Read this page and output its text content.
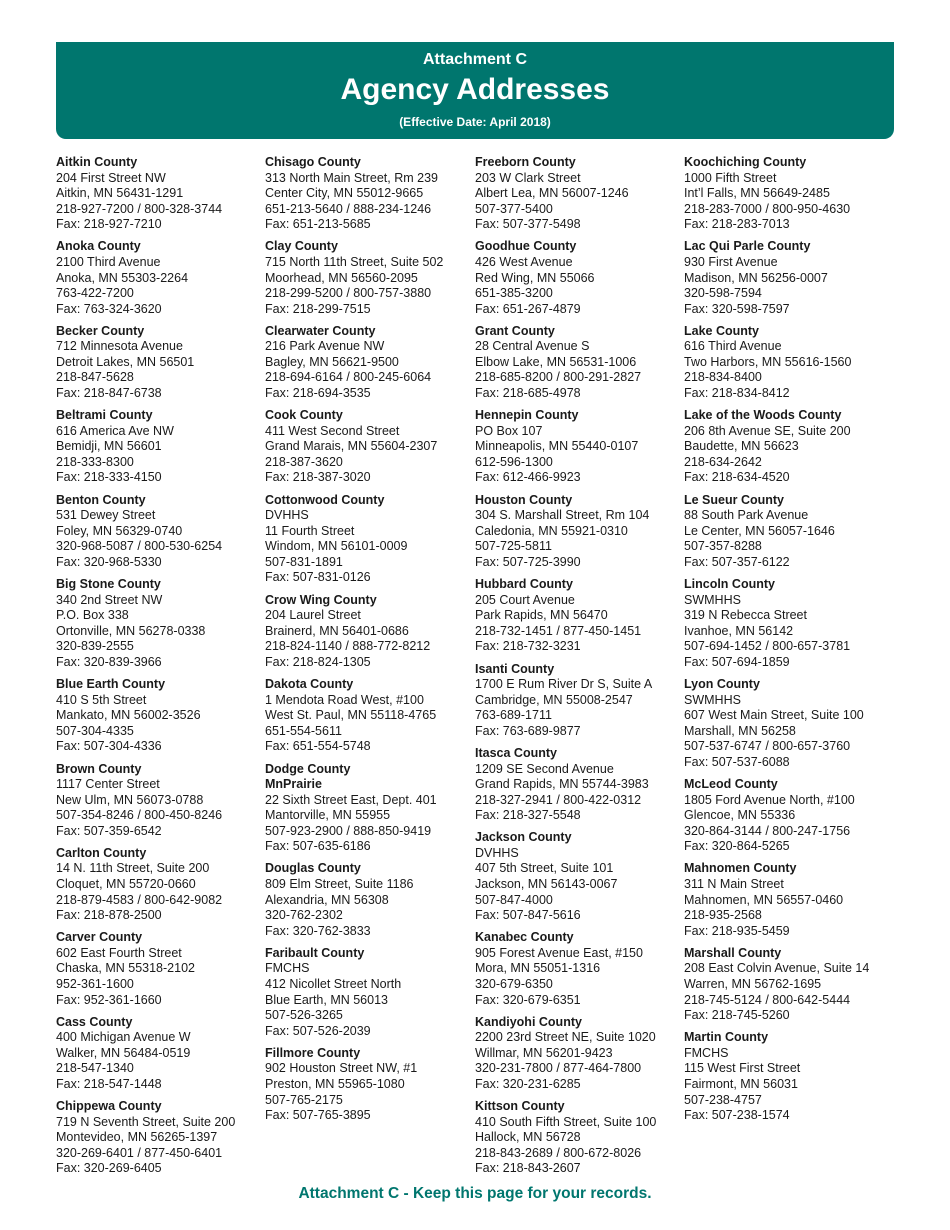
Attachment C
Agency Addresses
(Effective Date: April 2018)
Aitkin County
204 First Street NW
Aitkin, MN 56431-1291
218-927-7200 / 800-328-3744
Fax: 218-927-7210
Anoka County
2100 Third Avenue
Anoka, MN 55303-2264
763-422-7200
Fax: 763-324-3620
Becker County
712 Minnesota Avenue
Detroit Lakes, MN 56501
218-847-5628
Fax: 218-847-6738
Beltrami County
616 America Ave NW
Bemidji, MN 56601
218-333-8300
Fax: 218-333-4150
Benton County
531 Dewey Street
Foley, MN 56329-0740
320-968-5087 / 800-530-6254
Fax: 320-968-5330
Big Stone County
340 2nd Street NW
P.O. Box 338
Ortonville, MN 56278-0338
320-839-2555
Fax: 320-839-3966
Blue Earth County
410 S 5th Street
Mankato, MN 56002-3526
507-304-4335
Fax: 507-304-4336
Brown County
1117 Center Street
New Ulm, MN 56073-0788
507-354-8246 / 800-450-8246
Fax: 507-359-6542
Carlton County
14 N. 11th Street, Suite 200
Cloquet, MN 55720-0660
218-879-4583 / 800-642-9082
Fax: 218-878-2500
Carver County
602 East Fourth Street
Chaska, MN 55318-2102
952-361-1600
Fax: 952-361-1660
Cass County
400 Michigan Avenue W
Walker, MN 56484-0519
218-547-1340
Fax: 218-547-1448
Chippewa County
719 N Seventh Street, Suite 200
Montevideo, MN 56265-1397
320-269-6401 / 877-450-6401
Fax: 320-269-6405
Chisago County
313 North Main Street, Rm 239
Center City, MN 55012-9665
651-213-5640 / 888-234-1246
Fax: 651-213-5685
Clay County
715 North 11th Street, Suite 502
Moorhead, MN 56560-2095
218-299-5200 / 800-757-3880
Fax: 218-299-7515
Clearwater County
216 Park Avenue NW
Bagley, MN 56621-9500
218-694-6164 / 800-245-6064
Fax: 218-694-3535
Cook County
411 West Second Street
Grand Marais, MN 55604-2307
218-387-3620
Fax: 218-387-3020
Cottonwood County
DVHHS
11 Fourth Street
Windom, MN 56101-0009
507-831-1891
Fax: 507-831-0126
Crow Wing County
204 Laurel Street
Brainerd, MN 56401-0686
218-824-1140 / 888-772-8212
Fax: 218-824-1305
Dakota County
1 Mendota Road West, #100
West St. Paul, MN 55118-4765
651-554-5611
Fax: 651-554-5748
Dodge County
MnPrairie
22 Sixth Street East, Dept. 401
Mantorville, MN 55955
507-923-2900 / 888-850-9419
Fax: 507-635-6186
Douglas County
809 Elm Street, Suite 1186
Alexandria, MN 56308
320-762-2302
Fax: 320-762-3833
Faribault County
FMCHS
412 Nicollet Street North
Blue Earth, MN 56013
507-526-3265
Fax: 507-526-2039
Fillmore County
902 Houston Street NW, #1
Preston, MN 55965-1080
507-765-2175
Fax: 507-765-3895
Freeborn County
203 W Clark Street
Albert Lea, MN 56007-1246
507-377-5400
Fax: 507-377-5498
Goodhue County
426 West Avenue
Red Wing, MN 55066
651-385-3200
Fax: 651-267-4879
Grant County
28 Central Avenue S
Elbow Lake, MN 56531-1006
218-685-8200 / 800-291-2827
Fax: 218-685-4978
Hennepin County
PO Box 107
Minneapolis, MN 55440-0107
612-596-1300
Fax: 612-466-9923
Houston County
304 S. Marshall Street, Rm 104
Caledonia, MN 55921-0310
507-725-5811
Fax: 507-725-3990
Hubbard County
205 Court Avenue
Park Rapids, MN 56470
218-732-1451 / 877-450-1451
Fax: 218-732-3231
Isanti County
1700 E Rum River Dr S, Suite A
Cambridge, MN 55008-2547
763-689-1711
Fax: 763-689-9877
Itasca County
1209 SE Second Avenue
Grand Rapids, MN 55744-3983
218-327-2941 / 800-422-0312
Fax: 218-327-5548
Jackson County
DVHHS
407 5th Street, Suite 101
Jackson, MN 56143-0067
507-847-4000
Fax: 507-847-5616
Kanabec County
905 Forest Avenue East, #150
Mora, MN 55051-1316
320-679-6350
Fax: 320-679-6351
Kandiyohi County
2200 23rd Street NE, Suite 1020
Willmar, MN 56201-9423
320-231-7800 / 877-464-7800
Fax: 320-231-6285
Kittson County
410 South Fifth Street, Suite 100
Hallock, MN 56728
218-843-2689 / 800-672-8026
Fax: 218-843-2607
Koochiching County
1000 Fifth Street
Int’l Falls, MN 56649-2485
218-283-7000 / 800-950-4630
Fax: 218-283-7013
Lac Qui Parle County
930 First Avenue
Madison, MN 56256-0007
320-598-7594
Fax: 320-598-7597
Lake County
616 Third Avenue
Two Harbors, MN 55616-1560
218-834-8400
Fax: 218-834-8412
Lake of the Woods County
206 8th Avenue SE, Suite 200
Baudette, MN 56623
218-634-2642
Fax: 218-634-4520
Le Sueur County
88 South Park Avenue
Le Center, MN 56057-1646
507-357-8288
Fax: 507-357-6122
Lincoln County
SWMHHS
319 N Rebecca Street
Ivanhoe, MN 56142
507-694-1452 / 800-657-3781
Fax: 507-694-1859
Lyon County
SWMHHS
607 West Main Street, Suite 100
Marshall, MN 56258
507-537-6747 / 800-657-3760
Fax: 507-537-6088
McLeod County
1805 Ford Avenue North, #100
Glencoe, MN 55336
320-864-3144 / 800-247-1756
Fax: 320-864-5265
Mahnomen County
311 N Main Street
Mahnomen, MN 56557-0460
218-935-2568
Fax: 218-935-5459
Marshall County
208 East Colvin Avenue, Suite 14
Warren, MN 56762-1695
218-745-5124 / 800-642-5444
Fax: 218-745-5260
Martin County
FMCHS
115 West First Street
Fairmont, MN 56031
507-238-4757
Fax: 507-238-1574
Attachment C - Keep this page for your records.
